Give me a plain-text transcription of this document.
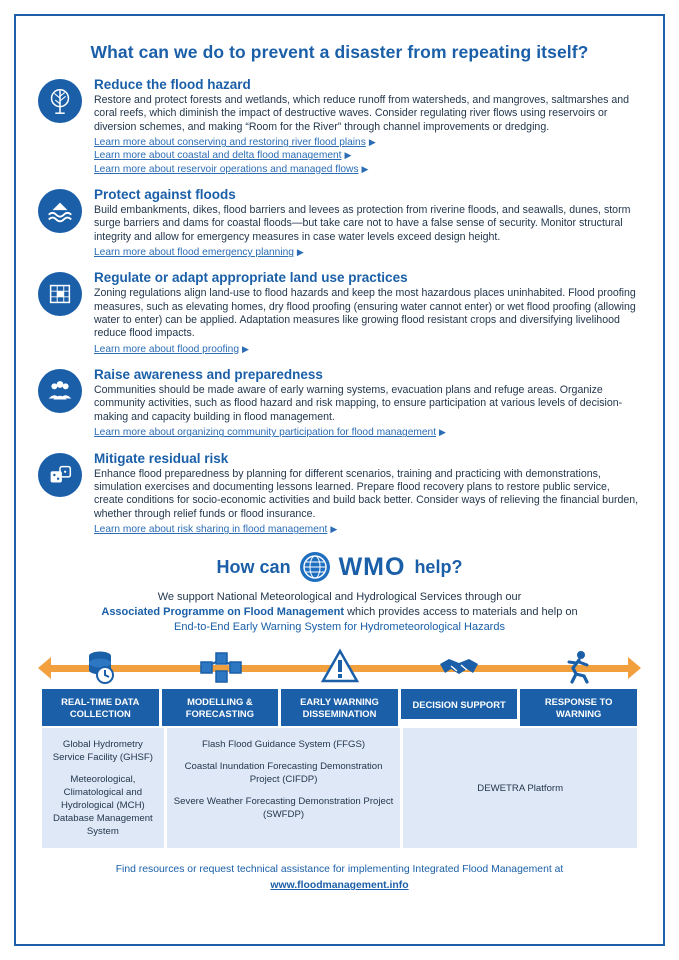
What can we do to prevent a disaster from repeating itself?
Reduce the flood hazard

Restore and protect forests and wetlands, which reduce runoff from watersheds, and mangroves, saltmarshes and coral reefs, which diminish the impact of destructive waves. Consider regulating river flows using reservoirs or diversion schemes, and making “Room for the River” through channel improvements or dredging.

Learn more about conserving and restoring river flood plains ▶
Learn more about coastal and delta flood management ▶
Learn more about reservoir operations and managed flows ▶
Protect against floods

Build embankments, dikes, flood barriers and levees as protection from riverine floods, and seawalls, dunes, storm surge barriers and dams for coastal floods—but take care not to have a false sense of security. Monitor structural integrity and allow for emergency measures in case water levels exceed design height.

Learn more about flood emergency planning ▶
Regulate or adapt appropriate land use practices

Zoning regulations align land-use to flood hazards and keep the most hazardous places uninhabited. Flood proofing measures, such as elevating homes, dry flood proofing (ensuring water cannot enter) or wet flood proofing (allowing water to enter) can be applied. Adaptation measures like growing flood resistant crops and diversifying livelihood reduce flood impacts.

Learn more about flood proofing ▶
Raise awareness and preparedness

Communities should be made aware of early warning systems, evacuation plans and refuge areas. Organize community activities, such as flood hazard and risk mapping, to ensure participation at various levels of decision-making and capacity building in flood management.

Learn more about organizing community participation for flood management ▶
Mitigate residual risk

Enhance flood preparedness by planning for different scenarios, training and practicing with demonstrations, simulation exercises and documenting lessons learned. Prepare flood recovery plans to restore public service, create conditions for socio-economic activities and build back better. Consider ways of relieving the financial burden, whether through relief funds or flood insurance.

Learn more about risk sharing in flood management ▶
How can WMO help?
We support National Meteorological and Hydrological Services through our
Associated Programme on Flood Management which provides access to materials and help on
End-to-End Early Warning System for Hydrometeorological Hazards
REAL-TIME DATA COLLECTION
MODELLING & FORECASTING
EARLY WARNING DISSEMINATION
DECISION SUPPORT	RESPONSE TO WARNING

Global Hydrometry Service Facility (GHSF)

Meteorological, Climatological and Hydrological (MCH) Database Management System

Flash Flood Guidance System (FFGS)

Coastal Inundation Forecasting Demonstration Project (CIFDP)

Severe Weather Forecasting Demonstration Project (SWFDP)

DEWETRA Platform

Find resources or request technical assistance for implementing Integrated Flood Management at
www.floodmanagement.info
